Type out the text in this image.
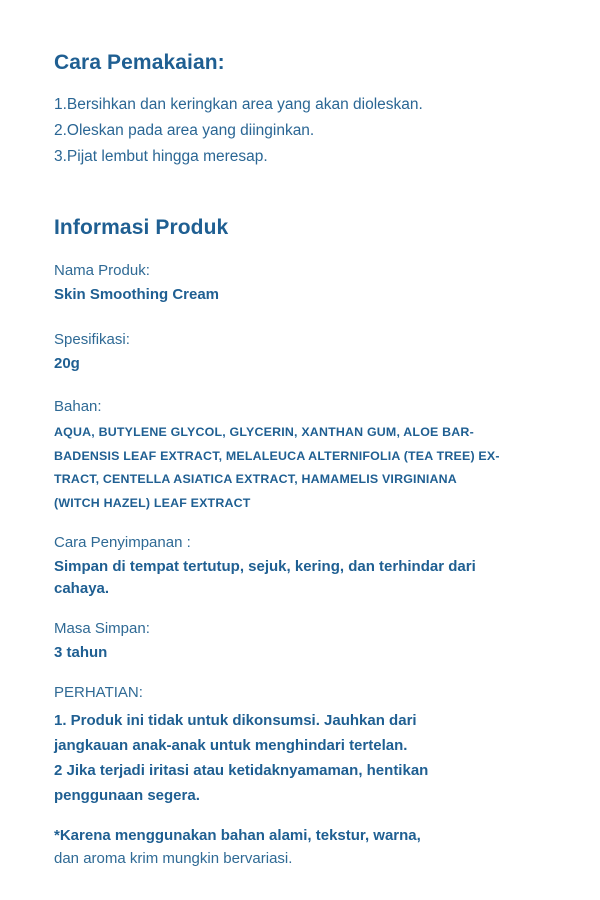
Cara Pemakaian:
1.Bersihkan dan keringkan area yang akan dioleskan.
2.Oleskan pada area yang diinginkan.
3.Pijat lembut hingga meresap.
Informasi Produk
Nama Produk:
Skin Smoothing Cream
Spesifikasi:
20g
Bahan:
AQUA, BUTYLENE GLYCOL, GLYCERIN, XANTHAN GUM, ALOE BAR-
BADENSIS LEAF EXTRACT, MELALEUCA ALTERNIFOLIA (TEA TREE) EX-
TRACT, CENTELLA ASIATICA EXTRACT, HAMAMELIS VIRGINIANA
(WITCH HAZEL) LEAF EXTRACT
Cara Penyimpanan :
Simpan di tempat tertutup, sejuk, kering, dan terhindar dari
cahaya.
Masa Simpan:
3 tahun
PERHATIAN:
1. Produk ini tidak untuk dikonsumsi. Jauhkan dari
jangkauan anak-anak untuk menghindari tertelan.
2 Jika terjadi iritasi atau ketidaknyamaman, hentikan
penggunaan segera.
*Karena menggunakan bahan alami, tekstur, warna,
dan aroma krim mungkin bervariasi.
